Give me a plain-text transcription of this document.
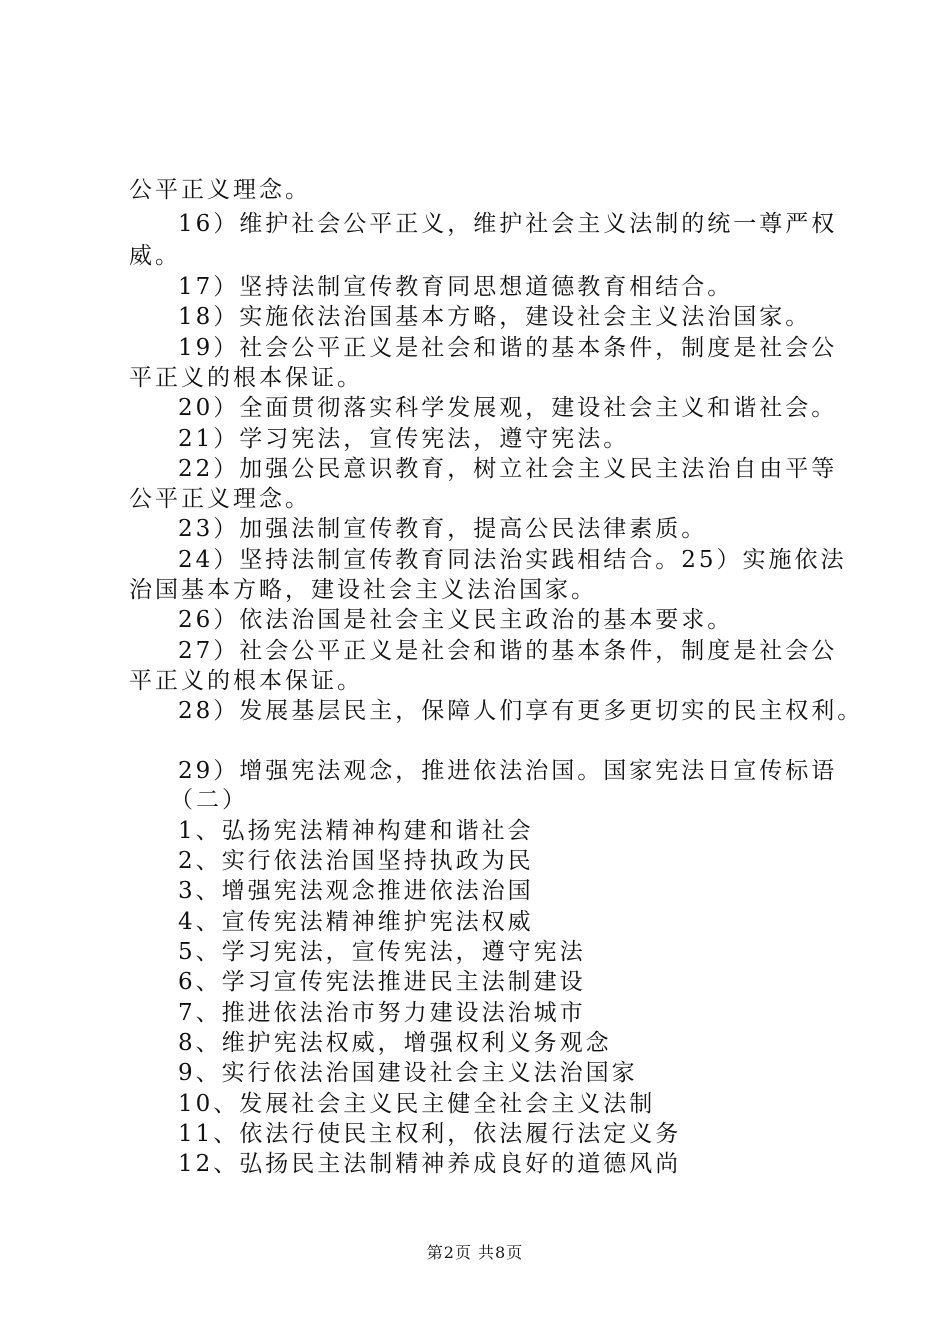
公平正义理念。
16）维护社会公平正义，维护社会主义法制的统一尊严权
威。
17）坚持法制宣传教育同思想道德教育相结合。
18）实施依法治国基本方略，建设社会主义法治国家。
19）社会公平正义是社会和谐的基本条件，制度是社会公
平正义的根本保证。
20）全面贯彻落实科学发展观，建设社会主义和谐社会。
21）学习宪法，宣传宪法，遵守宪法。
22）加强公民意识教育，树立社会主义民主法治自由平等
公平正义理念。
23）加强法制宣传教育，提高公民法律素质。
24）坚持法制宣传教育同法治实践相结合。25）实施依法
治国基本方略，建设社会主义法治国家。
26）依法治国是社会主义民主政治的基本要求。
27）社会公平正义是社会和谐的基本条件，制度是社会公
平正义的根本保证。
28）发展基层民主，保障人们享有更多更切实的民主权利。
29）增强宪法观念，推进依法治国。国家宪法日宣传标语
（二）
1、弘扬宪法精神构建和谐社会
2、实行依法治国坚持执政为民
3、增强宪法观念推进依法治国
4、宣传宪法精神维护宪法权威
5、学习宪法，宣传宪法，遵守宪法
6、学习宣传宪法推进民主法制建设
7、推进依法治市努力建设法治城市
8、维护宪法权威，增强权利义务观念
9、实行依法治国建设社会主义法治国家
10、发展社会主义民主健全社会主义法制
11、依法行使民主权利，依法履行法定义务
12、弘扬民主法制精神养成良好的道德风尚
第2页 共8页
